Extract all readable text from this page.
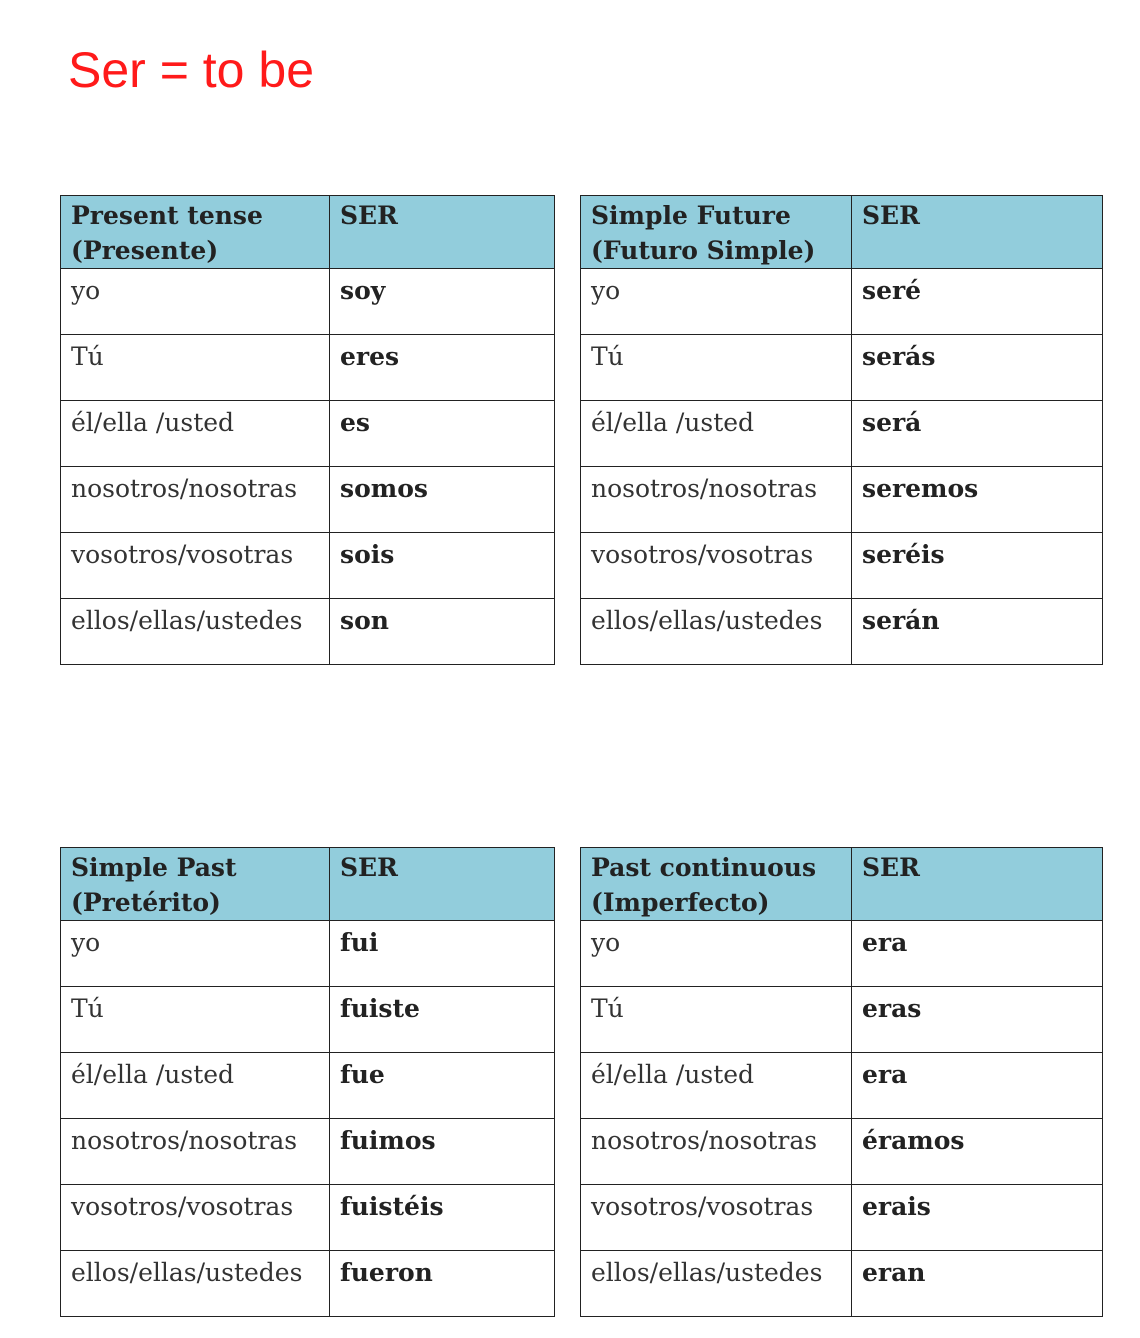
Ser = to be
Present tense
(Presente)	SER
yo	soy
Tú	eres
él/ella /usted	es
nosotros/nosotras	somos
vosotros/vosotras	sois
ellos/ellas/ustedes	son
Simple Future
(Futuro Simple)	SER
yo	seré
Tú	serás
él/ella /usted	será
nosotros/nosotras	seremos
vosotros/vosotras	seréis
ellos/ellas/ustedes	serán
Simple Past
(Pretérito)	SER
yo	fui
Tú	fuiste
él/ella /usted	fue
nosotros/nosotras	fuimos
vosotros/vosotras	fuistéis
ellos/ellas/ustedes	fueron
Past continuous
(Imperfecto)	SER
yo	era
Tú	eras
él/ella /usted	era
nosotros/nosotras	éramos
vosotros/vosotras	erais
ellos/ellas/ustedes	eran
